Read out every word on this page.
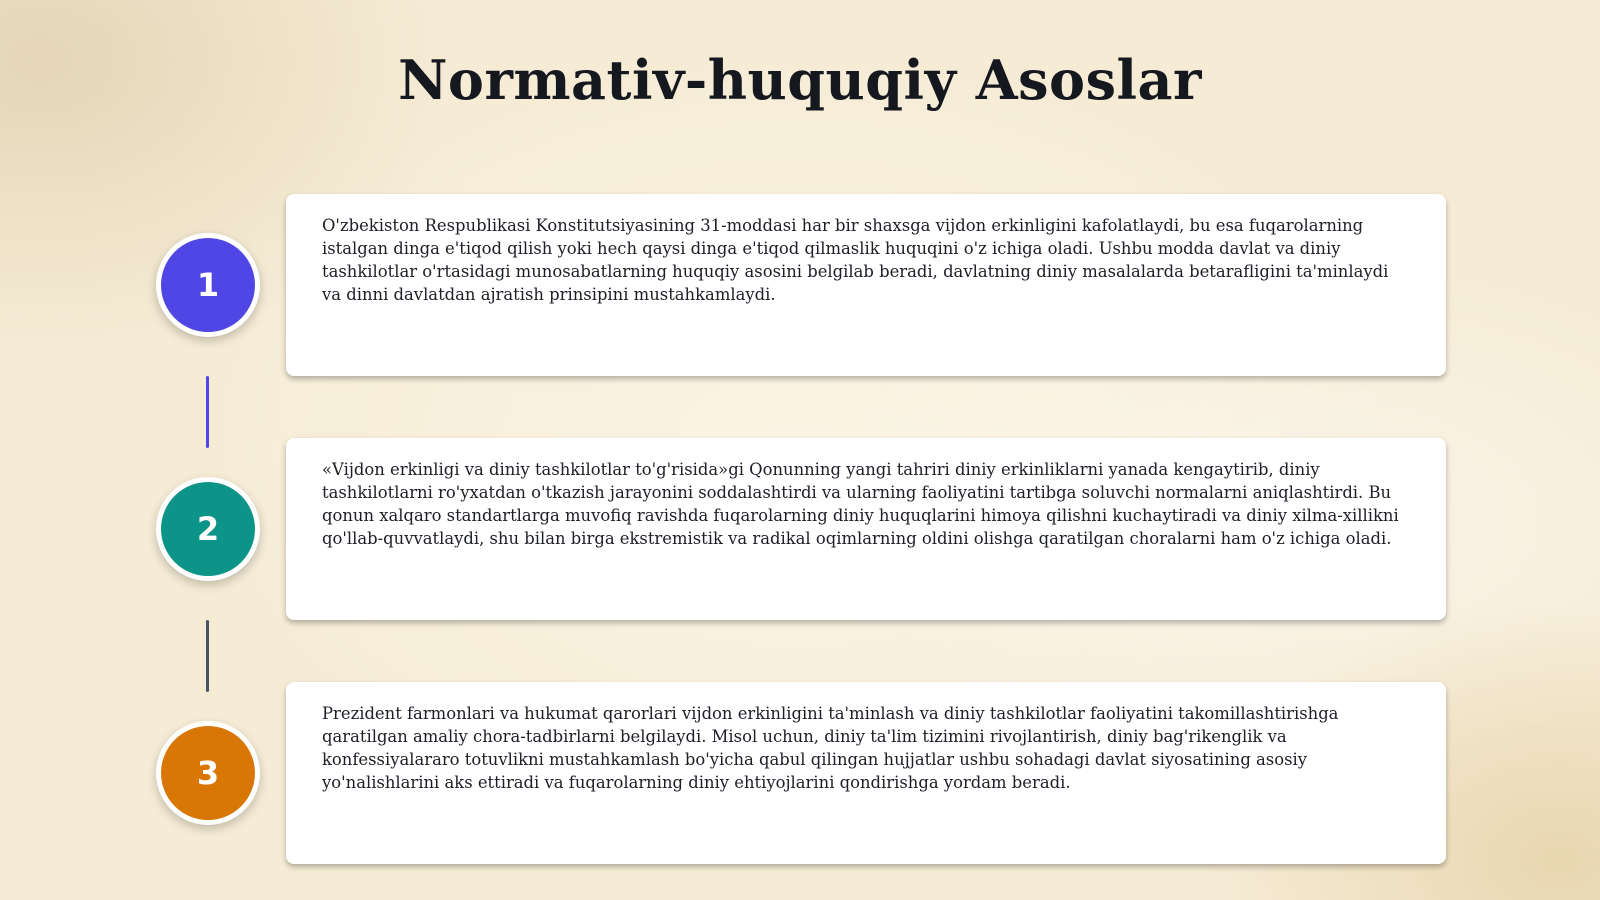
Normativ-huquqiy Asoslar
1

O'zbekiston Respublikasi Konstitutsiyasining 31-moddasi har bir shaxsga vijdon erkinligini kafolatlaydi, bu esa fuqarolarning istalgan dinga e'tiqod qilish yoki hech qaysi dinga e'tiqod qilmaslik huquqini o'z ichiga oladi. Ushbu modda davlat va diniy tashkilotlar o'rtasidagi munosabatlarning huquqiy asosini belgilab beradi, davlatning diniy masalalarda betarafligini ta'minlaydi va dinni davlatdan ajratish prinsipini mustahkamlaydi.

2

«Vijdon erkinligi va diniy tashkilotlar to'g'risida»gi Qonunning yangi tahriri diniy erkinliklarni yanada kengaytirib, diniy tashkilotlarni ro'yxatdan o'tkazish jarayonini soddalashtirdi va ularning faoliyatini tartibga soluvchi normalarni aniqlashtirdi. Bu qonun xalqaro standartlarga muvofiq ravishda fuqarolarning diniy huquqlarini himoya qilishni kuchaytiradi va diniy xilma-xillikni qo'llab-quvvatlaydi, shu bilan birga ekstremistik va radikal oqimlarning oldini olishga qaratilgan choralarni ham o'z ichiga oladi.

3

Prezident farmonlari va hukumat qarorlari vijdon erkinligini ta'minlash va diniy tashkilotlar faoliyatini takomillashtirishga qaratilgan amaliy chora-tadbirlarni belgilaydi. Misol uchun, diniy ta'lim tizimini rivojlantirish, diniy bag'rikenglik va konfessiyalararo totuvlikni mustahkamlash bo'yicha qabul qilingan hujjatlar ushbu sohadagi davlat siyosatining asosiy yo'nalishlarini aks ettiradi va fuqarolarning diniy ehtiyojlarini qondirishga yordam beradi.
